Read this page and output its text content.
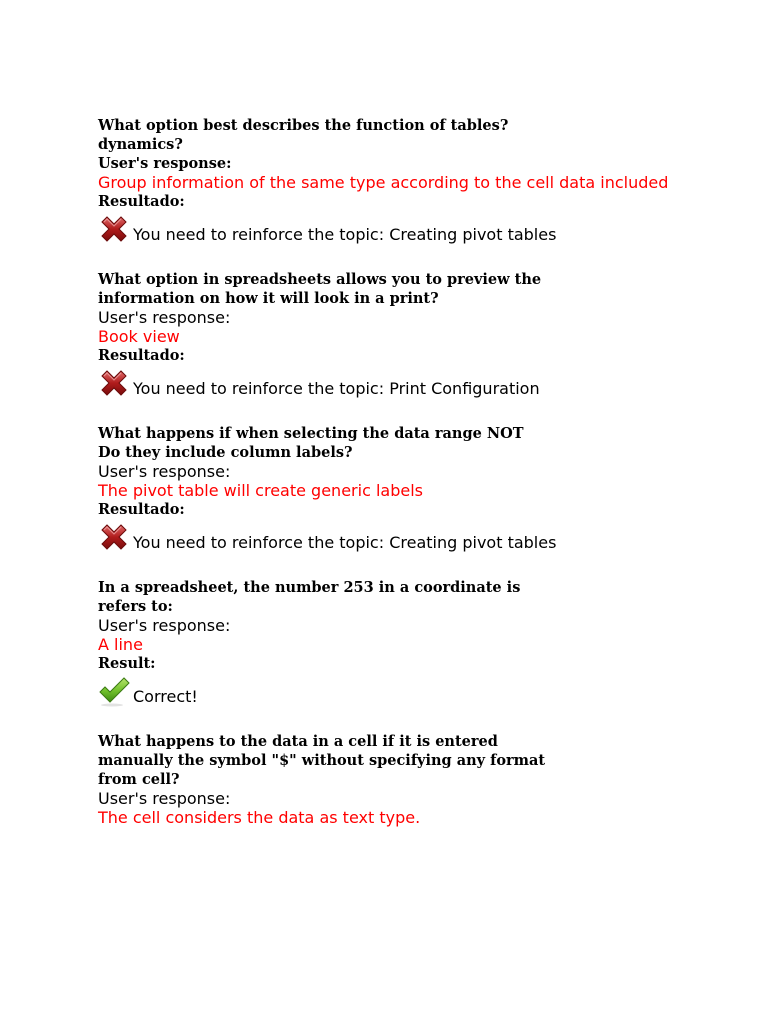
What option best describes the function of tables?
dynamics?

User's response:

Group information of the same type according to the cell data included

Resultado:

You need to reinforce the topic: Creating pivot tables

What option in spreadsheets allows you to preview the
information on how it will look in a print?

User's response:

Book view

Resultado:

You need to reinforce the topic: Print Configuration

What happens if when selecting the data range NOT
Do they include column labels?

User's response:

The pivot table will create generic labels

Resultado:

You need to reinforce the topic: Creating pivot tables

In a spreadsheet, the number 253 in a coordinate is
refers to:

User's response:

A line

Result:

Correct!

What happens to the data in a cell if it is entered
manually the symbol "$" without specifying any format
from cell?

User's response:

The cell considers the data as text type.
